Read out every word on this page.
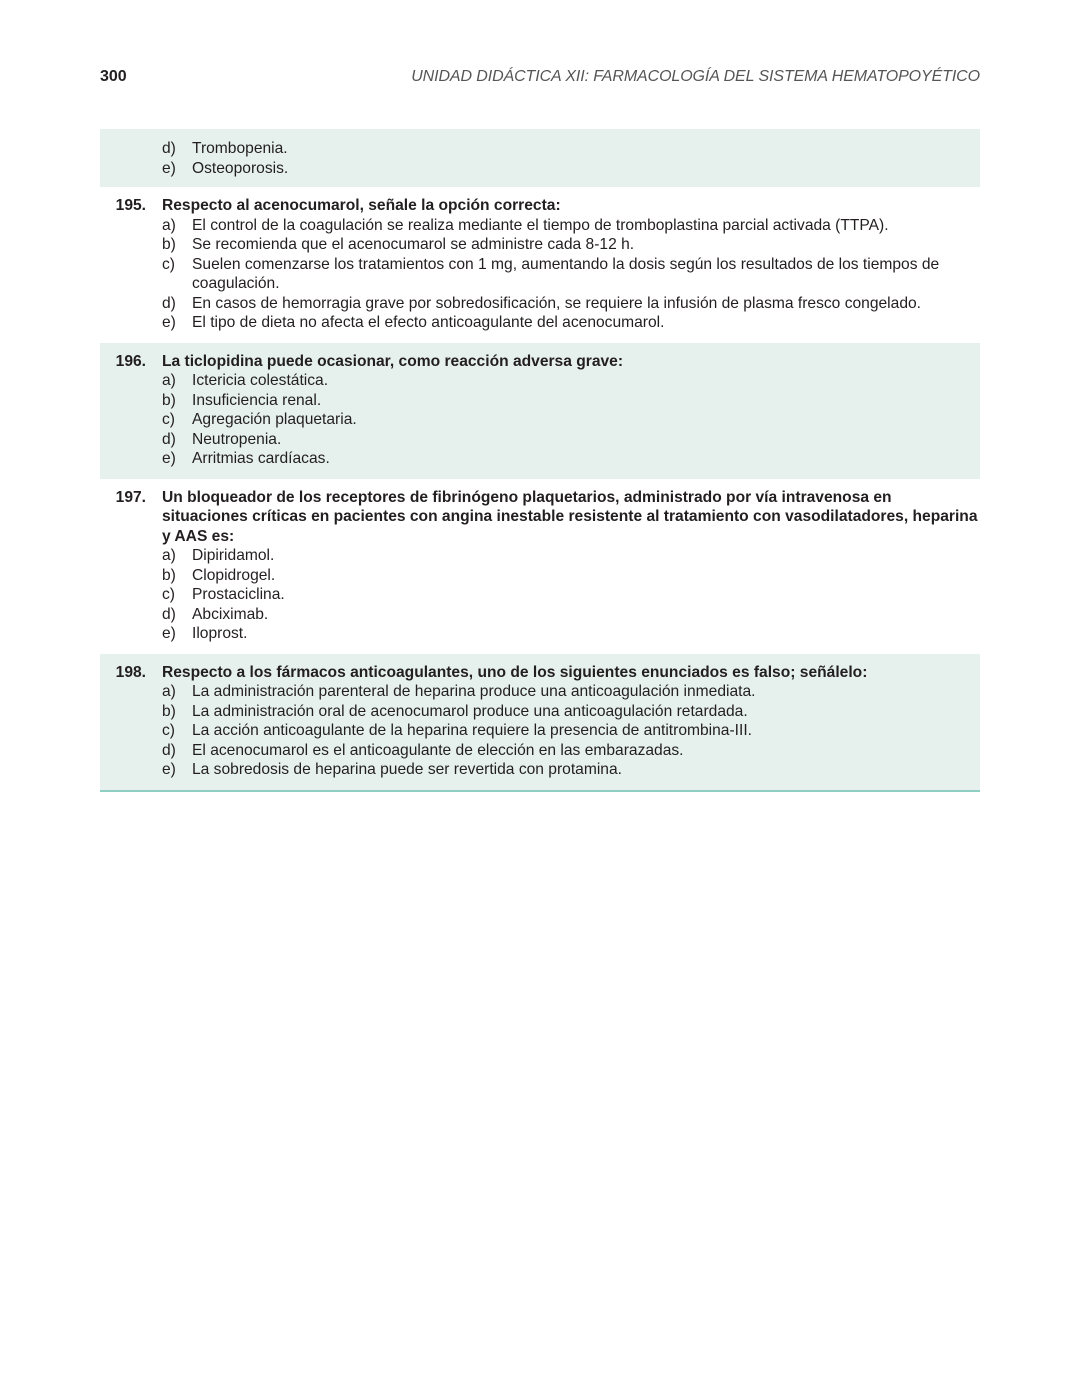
300	UNIDAD DIDÁCTICA XII: FARMACOLOGÍA DEL SISTEMA HEMATOPOYÉTICO
d) Trombopenia.
e) Osteoporosis.
195. Respecto al acenocumarol, señale la opción correcta:
a) El control de la coagulación se realiza mediante el tiempo de tromboplastina parcial activada (TTPA).
b) Se recomienda que el acenocumarol se administre cada 8-12 h.
c) Suelen comenzarse los tratamientos con 1 mg, aumentando la dosis según los resultados de los tiempos de coagulación.
d) En casos de hemorragia grave por sobredosificación, se requiere la infusión de plasma fresco congelado.
e) El tipo de dieta no afecta el efecto anticoagulante del acenocumarol.
196. La ticlopidina puede ocasionar, como reacción adversa grave:
a) Ictericia colestática.
b) Insuficiencia renal.
c) Agregación plaquetaria.
d) Neutropenia.
e) Arritmias cardíacas.
197. Un bloqueador de los receptores de fibrinógeno plaquetarios, administrado por vía intravenosa en situaciones críticas en pacientes con angina inestable resistente al tratamiento con vasodilatadores, heparina y AAS es:
a) Dipiridamol.
b) Clopidrogel.
c) Prostaciclina.
d) Abciximab.
e) Iloprost.
198. Respecto a los fármacos anticoagulantes, uno de los siguientes enunciados es falso; señálelo:
a) La administración parenteral de heparina produce una anticoagulación inmediata.
b) La administración oral de acenocumarol produce una anticoagulación retardada.
c) La acción anticoagulante de la heparina requiere la presencia de antitrombina-III.
d) El acenocumarol es el anticoagulante de elección en las embarazadas.
e) La sobredosis de heparina puede ser revertida con protamina.
